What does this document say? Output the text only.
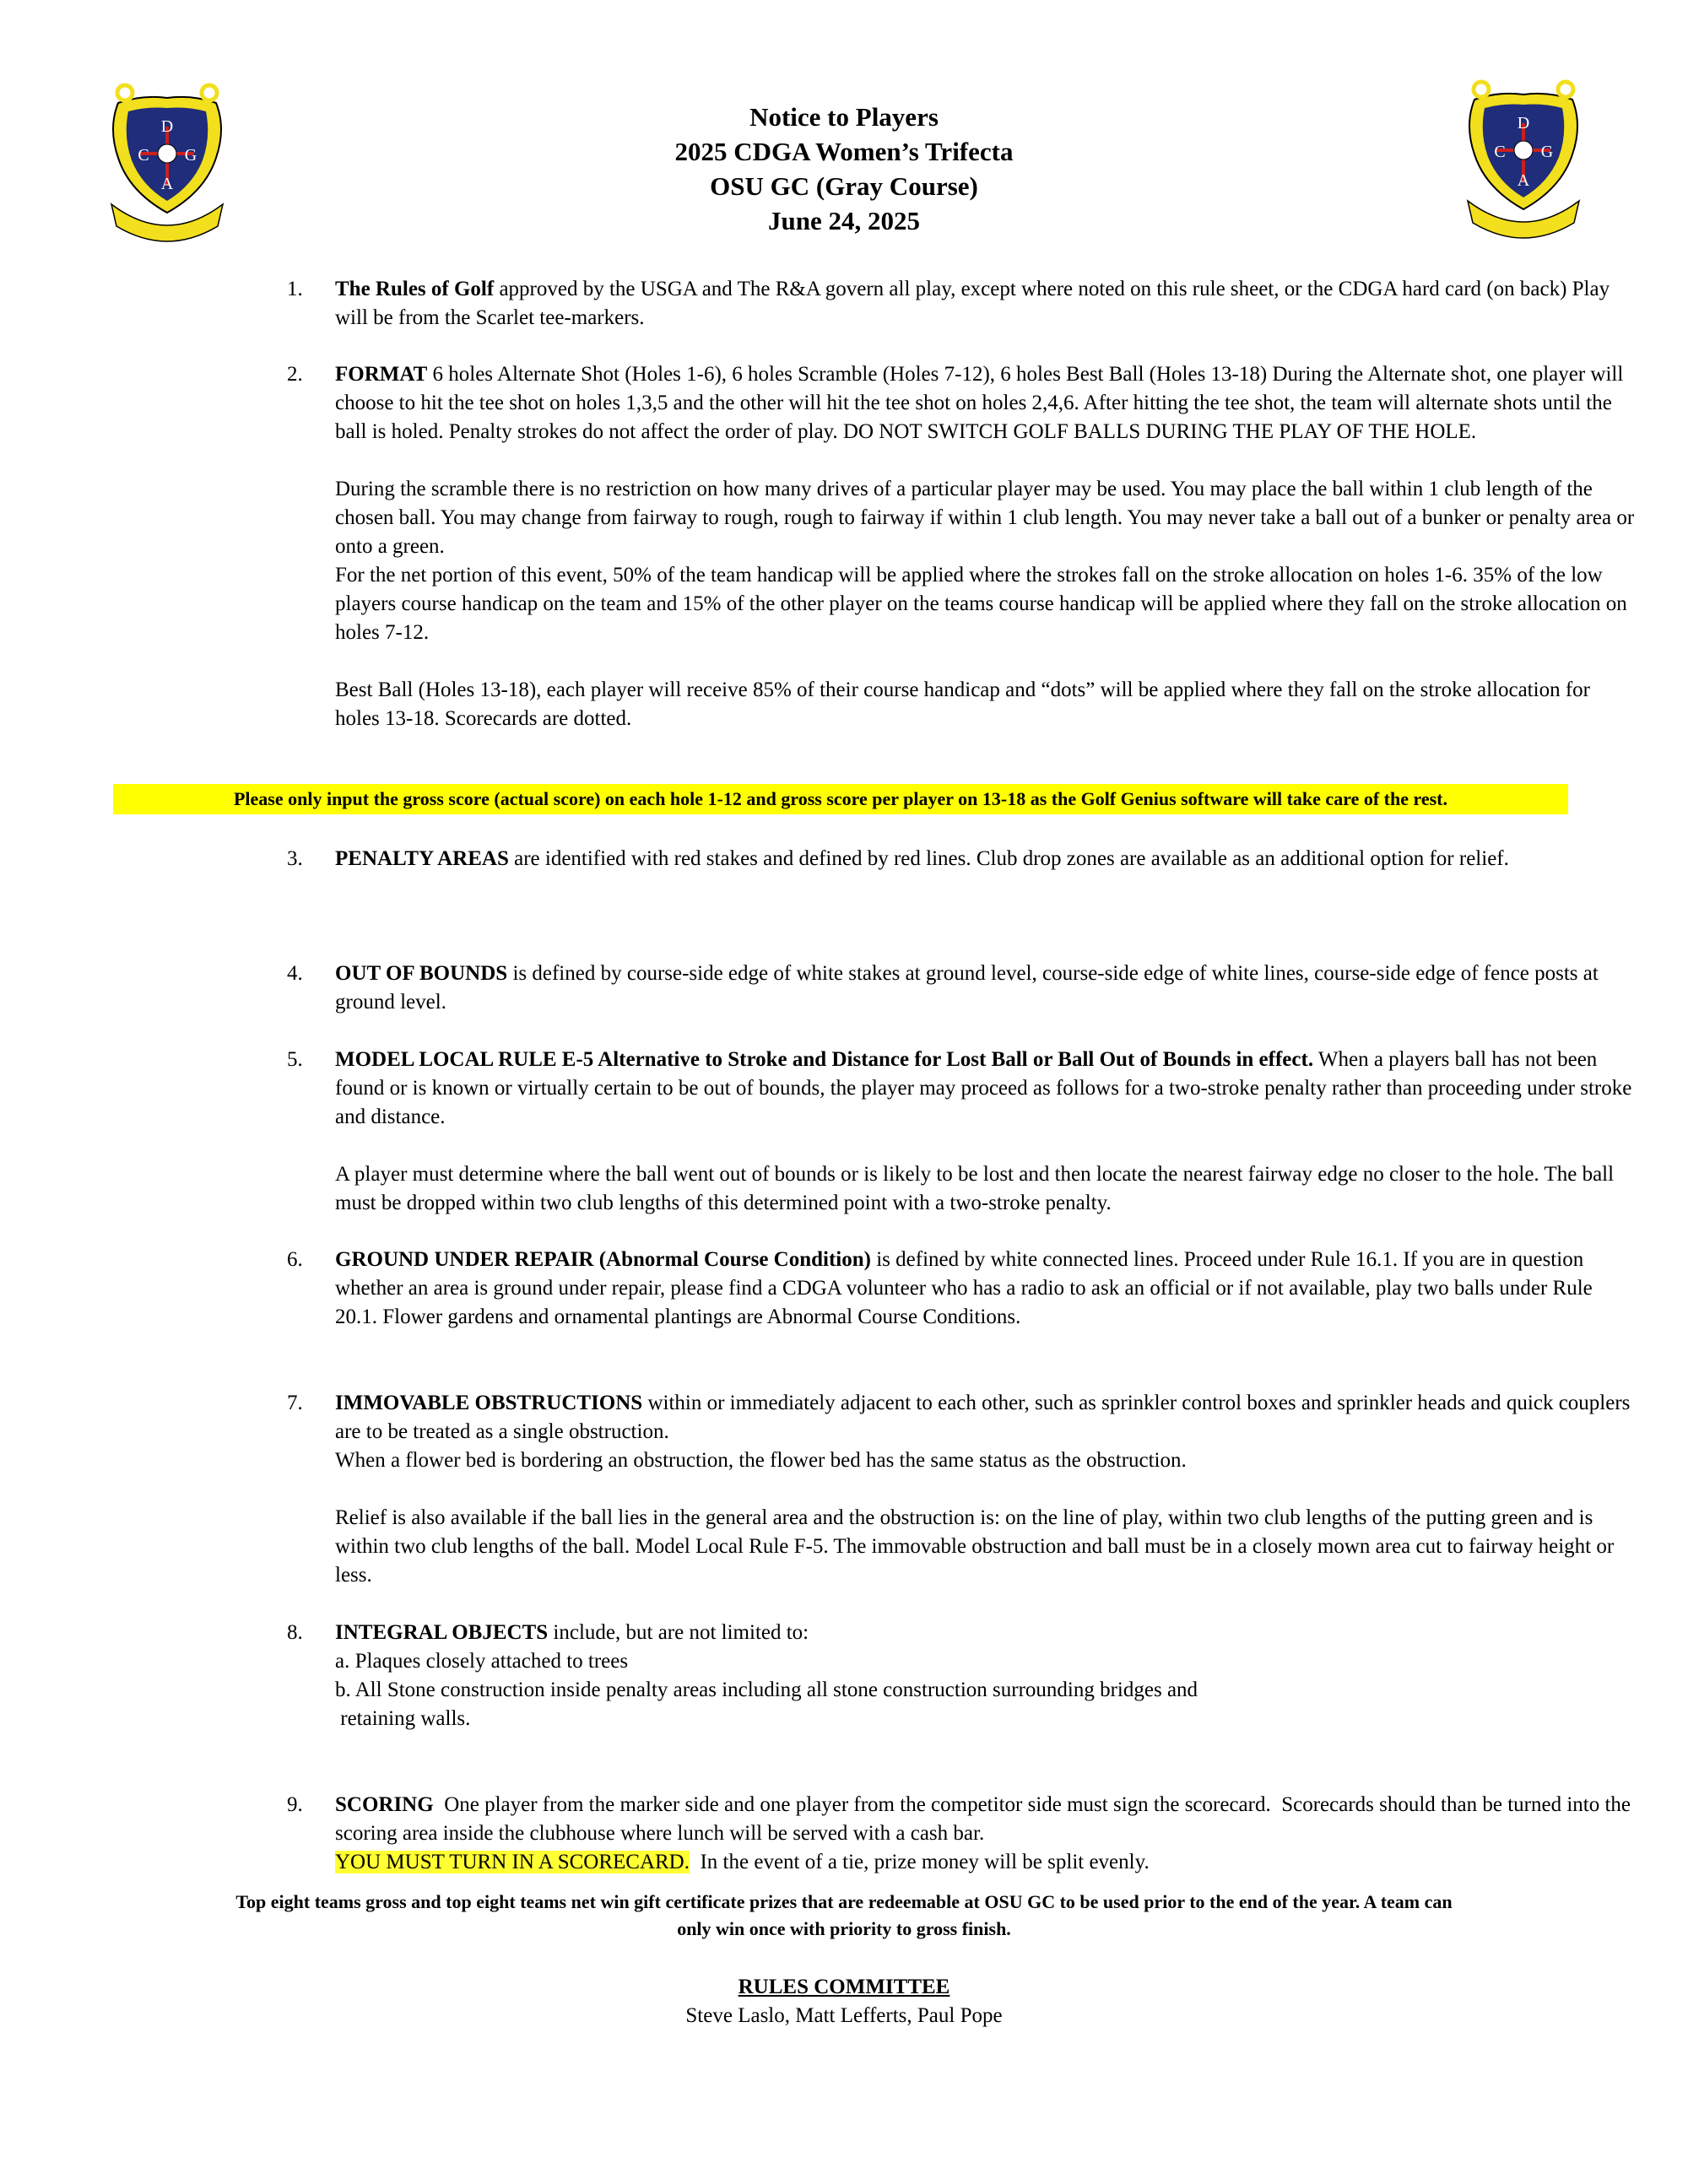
D
C G
A
D
C G
A
Notice to Players
2025 CDGA Women’s Trifecta
OSU GC (Gray Course)
June 24, 2025
1.	The Rules of Golf approved by the USGA and The R&A govern all play, except where noted on this rule sheet, or the CDGA hard card (on back) Play will be from the Scarlet tee-markers.

2.	FORMAT 6 holes Alternate Shot (Holes 1-6), 6 holes Scramble (Holes 7-12), 6 holes Best Ball (Holes 13-18) During the Alternate shot, one player will choose to hit the tee shot on holes 1,3,5 and the other will hit the tee shot on holes 2,4,6. After hitting the tee shot, the team will alternate shots until the ball is holed. Penalty strokes do not affect the order of play. DO NOT SWITCH GOLF BALLS DURING THE PLAY OF THE HOLE.

During the scramble there is no restriction on how many drives of a particular player may be used. You may place the ball within 1 club length of the chosen ball. You may change from fairway to rough, rough to fairway if within 1 club length. You may never take a ball out of a bunker or penalty area or onto a green.

For the net portion of this event, 50% of the team handicap will be applied where the strokes fall on the stroke allocation on holes 1-6. 35% of the low players course handicap on the team and 15% of the other player on the teams course handicap will be applied where they fall on the stroke allocation on holes 7-12.

Best Ball (Holes 13-18), each player will receive 85% of their course handicap and “dots” will be applied where they fall on the stroke allocation for holes 13-18. Scorecards are dotted.

Please only input the gross score (actual score) on each hole 1-12 and gross score per player on 13-18 as the Golf Genius software will take care of the rest.
3.	PENALTY AREAS are identified with red stakes and defined by red lines. Club drop zones are available as an additional option for relief.

4.	OUT OF BOUNDS is defined by course-side edge of white stakes at ground level, course-side edge of white lines, course-side edge of fence posts at ground level.

5.	MODEL LOCAL RULE E-5 Alternative to Stroke and Distance for Lost Ball or Ball Out of Bounds in effect. When a players ball has not been found or is known or virtually certain to be out of bounds, the player may proceed as follows for a two-stroke penalty rather than proceeding under stroke and distance.

A player must determine where the ball went out of bounds or is likely to be lost and then locate the nearest fairway edge no closer to the hole. The ball must be dropped within two club lengths of this determined point with a two-stroke penalty.

6.	GROUND UNDER REPAIR (Abnormal Course Condition) is defined by white connected lines. Proceed under Rule 16.1. If you are in question whether an area is ground under repair, please find a CDGA volunteer who has a radio to ask an official or if not available, play two balls under Rule 20.1. Flower gardens and ornamental plantings are Abnormal Course Conditions.

7.	IMMOVABLE OBSTRUCTIONS within or immediately adjacent to each other, such as sprinkler control boxes and sprinkler heads and quick couplers are to be treated as a single obstruction.

When a flower bed is bordering an obstruction, the flower bed has the same status as the obstruction.

Relief is also available if the ball lies in the general area and the obstruction is: on the line of play, within two club lengths of the putting green and is within two club lengths of the ball. Model Local Rule F-5. The immovable obstruction and ball must be in a closely mown area cut to fairway height or less.

8.	INTEGRAL OBJECTS include, but are not limited to:

a. Plaques closely attached to trees

b. All Stone construction inside penalty areas including all stone construction surrounding bridges and

retaining walls.

9.	SCORING  One player from the marker side and one player from the competitor side must sign the scorecard.  Scorecards should than be turned into the scoring area inside the clubhouse where lunch will be served with a cash bar.

YOU MUST TURN IN A SCORECARD.  In the event of a tie, prize money will be split evenly.

Top eight teams gross and top eight teams net win gift certificate prizes that are redeemable at OSU GC to be used prior to the end of the year. A team can
only win once with priority to gross finish.
RULES COMMITTEE
Steve Laslo, Matt Lefferts, Paul Pope
